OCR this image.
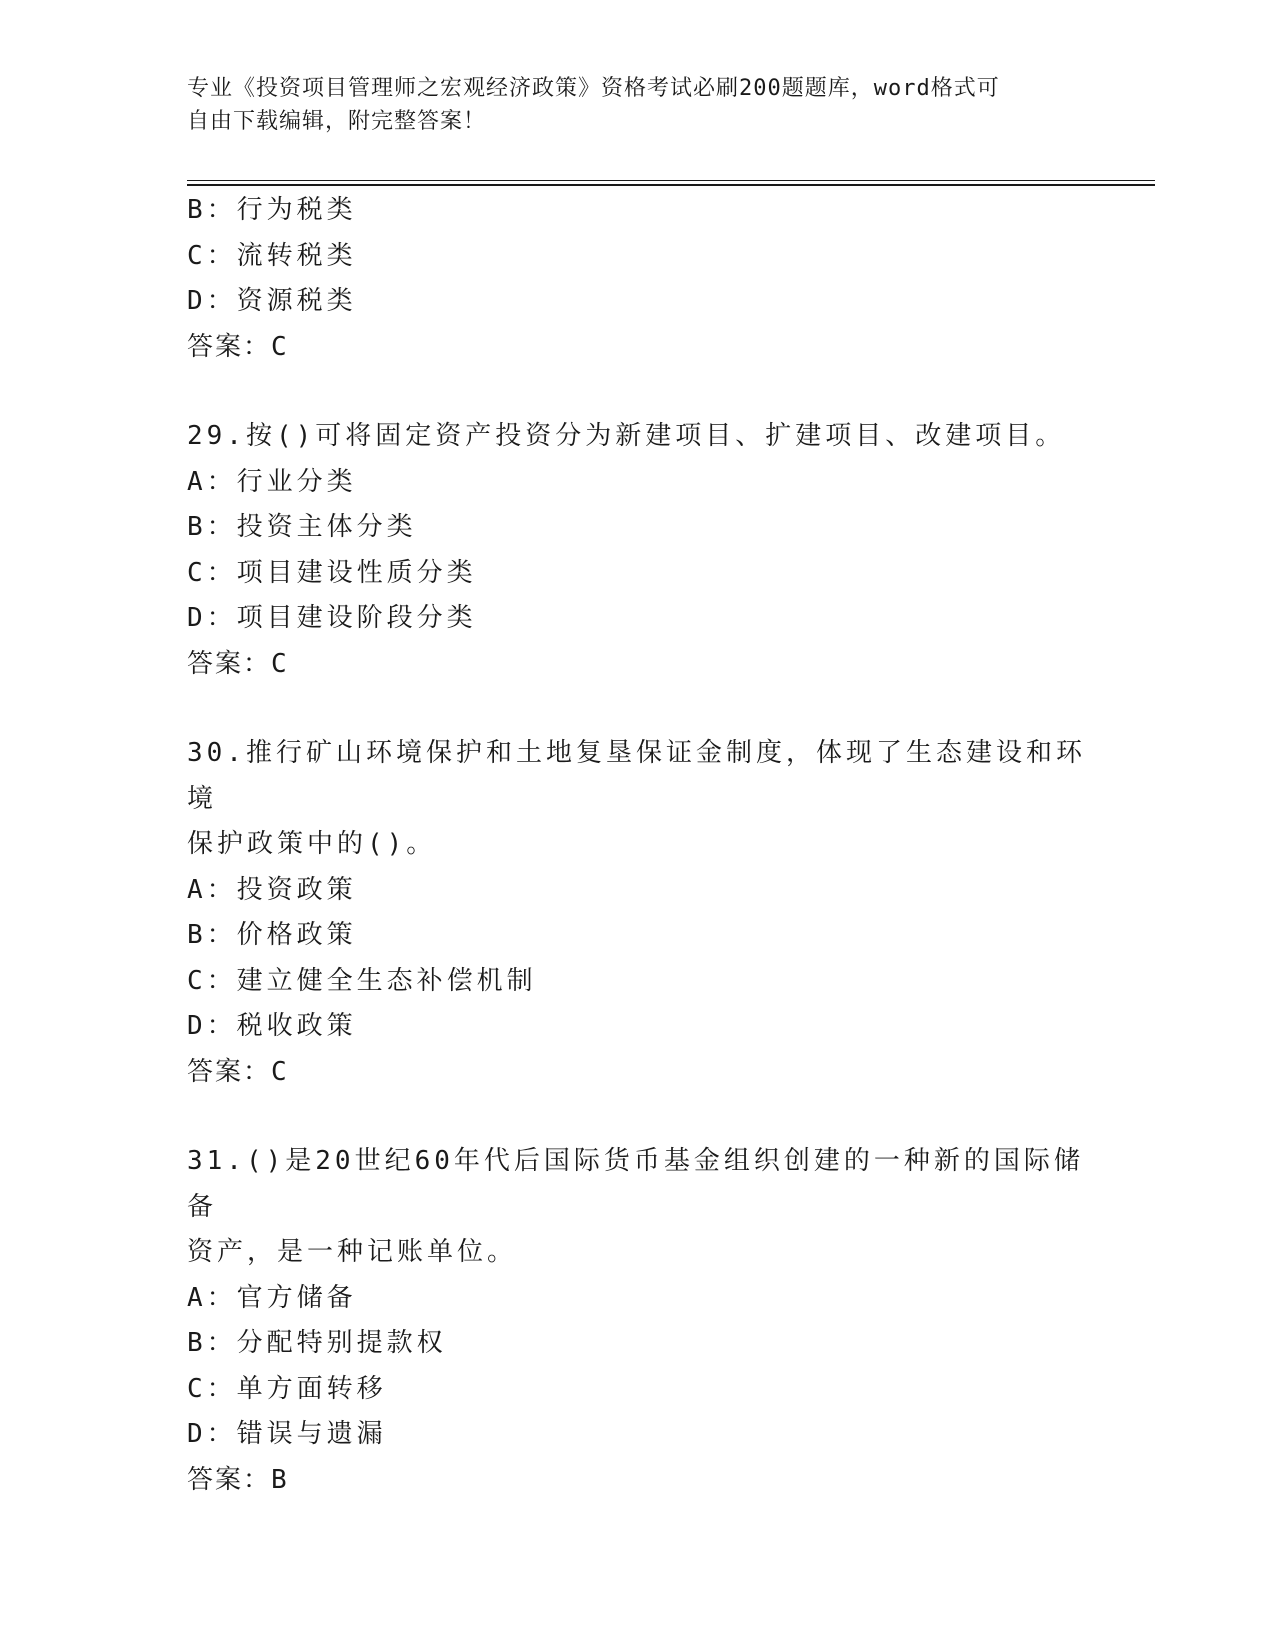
专业《投资项目管理师之宏观经济政策》资格考试必刷200题题库，word格式可
自由下载编辑，附完整答案！
B：行为税类
C：流转税类
D：资源税类
答案：C
29.按()可将固定资产投资分为新建项目、扩建项目、改建项目。
A：行业分类
B：投资主体分类
C：项目建设性质分类
D：项目建设阶段分类
答案：C
30.推行矿山环境保护和土地复垦保证金制度，体现了生态建设和环境
保护政策中的()。
A：投资政策
B：价格政策
C：建立健全生态补偿机制
D：税收政策
答案：C
31.()是20世纪60年代后国际货币基金组织创建的一种新的国际储备
资产，是一种记账单位。
A：官方储备
B：分配特别提款权
C：单方面转移
D：错误与遗漏
答案：B
